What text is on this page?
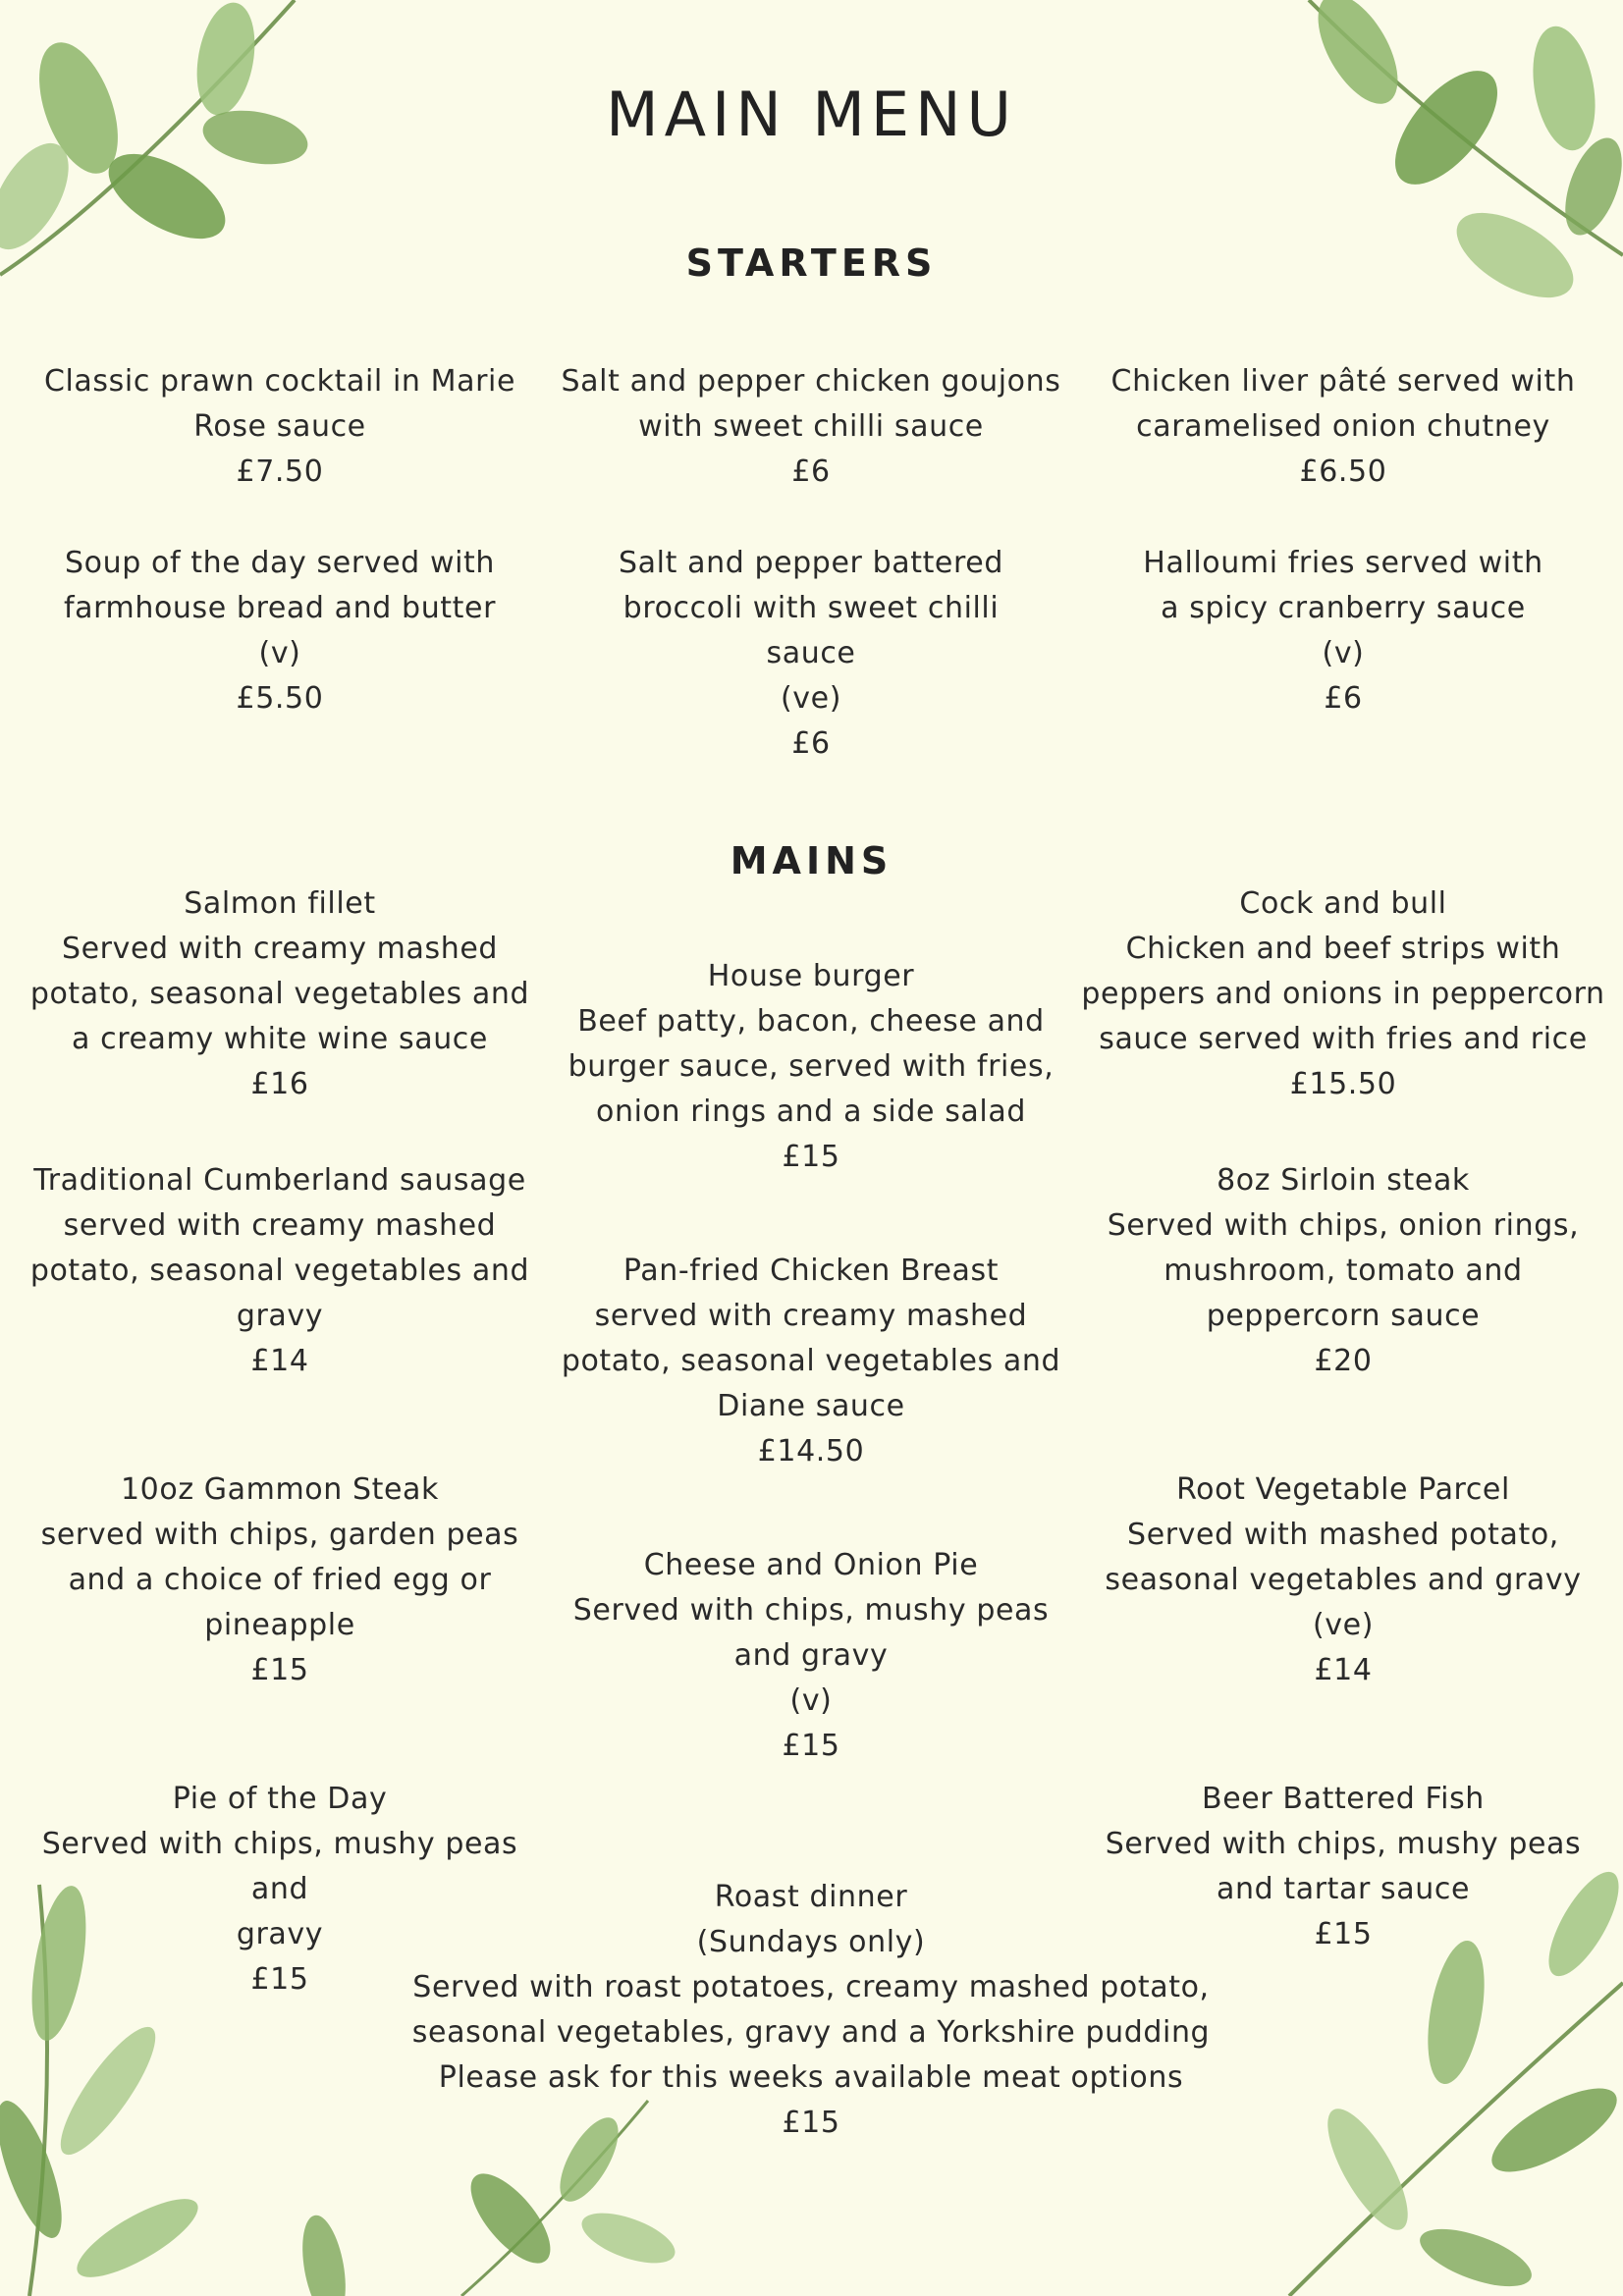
MAIN MENU
STARTERS
Classic prawn cocktail in Marie
Rose sauce
£7.50
Salt and pepper chicken goujons
with sweet chilli sauce
£6
Chicken liver pâté served with
caramelised onion chutney
£6.50
Soup of the day served with
farmhouse bread and butter
(v)
£5.50
Salt and pepper battered
broccoli with sweet chilli
sauce
(ve)
£6
Halloumi fries served with
a spicy cranberry sauce
(v)
£6
MAINS
Salmon fillet
Served with creamy mashed
potato, seasonal vegetables and
a creamy white wine sauce
£16
House burger
Beef patty, bacon, cheese and
burger sauce, served with fries,
onion rings and a side salad
£15
Cock and bull
Chicken and beef strips with
peppers and onions in peppercorn
sauce served with fries and rice
£15.50
Traditional Cumberland sausage
served with creamy mashed
potato, seasonal vegetables and
gravy
£14
Pan-fried Chicken Breast
served with creamy mashed
potato, seasonal vegetables and
Diane sauce
£14.50
8oz Sirloin steak
Served with chips, onion rings,
mushroom, tomato and
peppercorn sauce
£20
10oz Gammon Steak
served with chips, garden peas
and a choice of fried egg or
pineapple
£15
Cheese and Onion Pie
Served with chips, mushy peas
and gravy
(v)
£15
Root Vegetable Parcel
Served with mashed potato,
seasonal vegetables and gravy
(ve)
£14
Pie of the Day
Served with chips, mushy peas and
gravy
£15
Beer Battered Fish
Served with chips, mushy peas
and tartar sauce
£15
Roast dinner
(Sundays only)
Served with roast potatoes, creamy mashed potato,
seasonal vegetables, gravy and a Yorkshire pudding
Please ask for this weeks available meat options
£15
